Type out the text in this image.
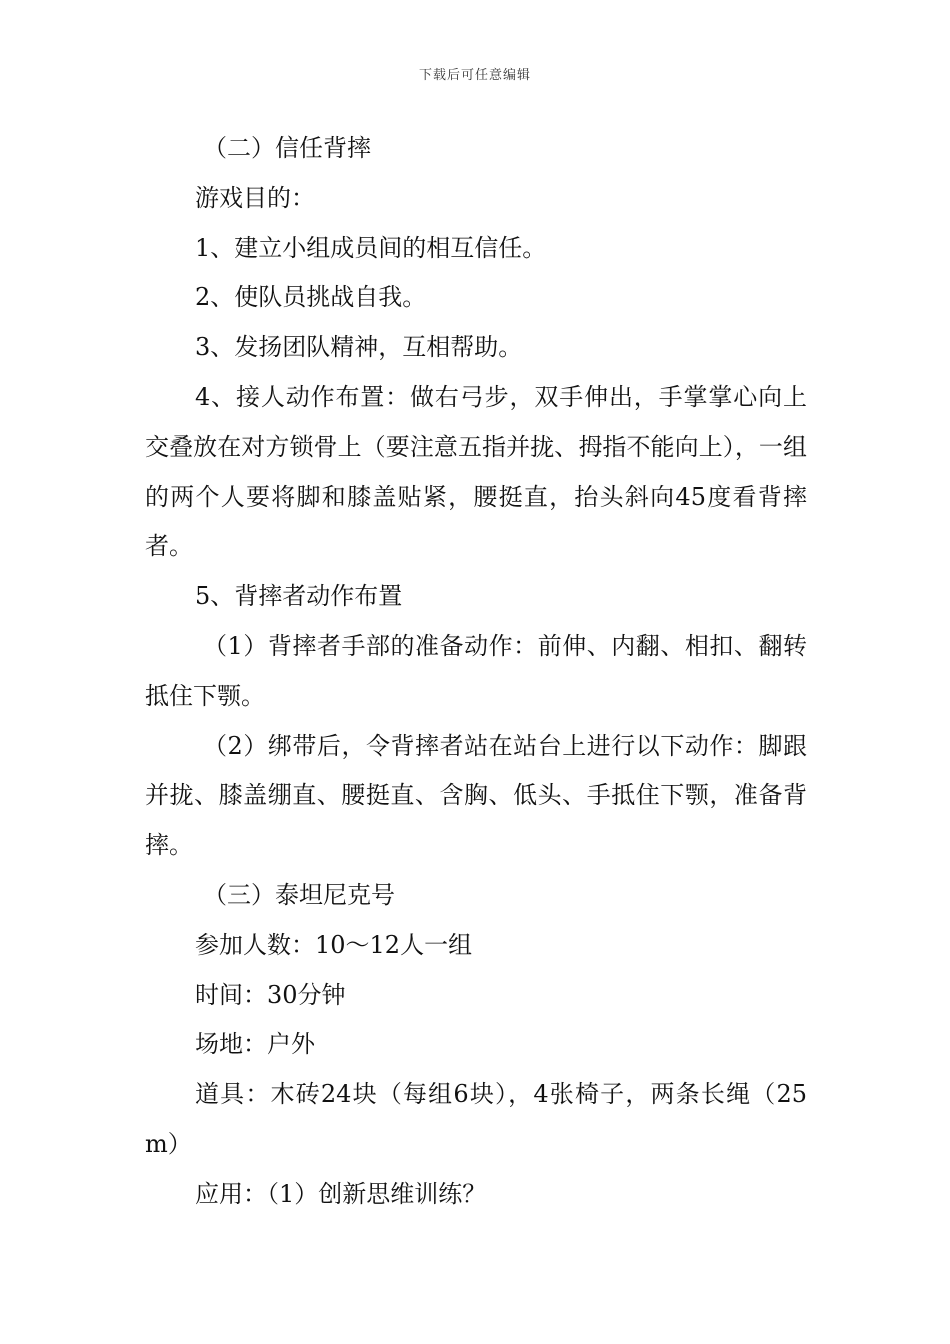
下载后可任意编辑

（二）信任背摔

游戏目的：

1、建立小组成员间的相互信任。

2、使队员挑战自我。

3、发扬团队精神，互相帮助。

4、接人动作布置：做右弓步，双手伸出，手掌掌心向上交叠放在对方锁骨上（要注意五指并拢、拇指不能向上），一组的两个人要将脚和膝盖贴紧，腰挺直，抬头斜向45度看背摔者。

5、背摔者动作布置

（1）背摔者手部的准备动作：前伸、内翻、相扣、翻转抵住下颚。

（2）绑带后，令背摔者站在站台上进行以下动作：脚跟并拢、膝盖绷直、腰挺直、含胸、低头、手抵住下颚，准备背摔。

（三）泰坦尼克号

参加人数：10～12人一组

时间：30分钟

场地：户外

道具：木砖24块（每组6块），4张椅子，两条长绳（25m）

应用：（1）创新思维训练？
